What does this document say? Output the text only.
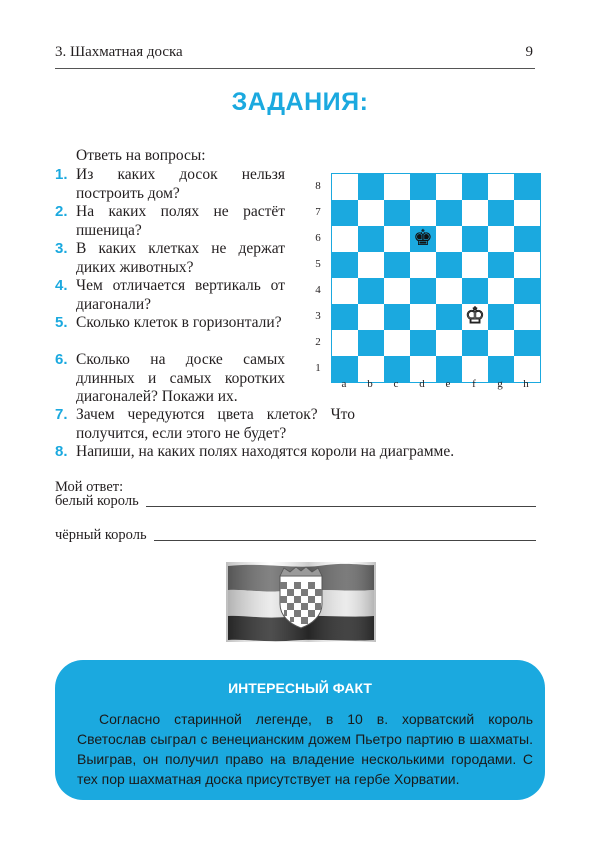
3. Шахматная доска	9
ЗАДАНИЯ:
Ответь на вопросы:
1. Из каких досок нельзя построить дом?
2. На каких полях не растёт пшеница?
3. В каких клетках не держат диких животных?
4. Чем отличается вертикаль от диагонали?
5. Сколько клеток в горизонтали?
6. Сколько на доске самых длинных и самых коротких диагоналей? Покажи их.
7. Зачем чередуются цвета клеток? Что получится, если этого не будет?
8. Напиши, на каких полях находятся короли на диаграмме.
♚
♔
8
7
6
5
4
3
2
1
a	b	c	d	e	f	g	h
Мой ответ:
белый король
чёрный король
ИНТЕРЕСНЫЙ ФАКТ
Согласно старинной легенде, в 10 в. хорватский король Светослав сыграл с венецианским дожем Пьетро партию в шахматы. Выиграв, он получил право на владение несколькими городами. С тех пор шахматная доска присутствует на гербе Хорватии.
